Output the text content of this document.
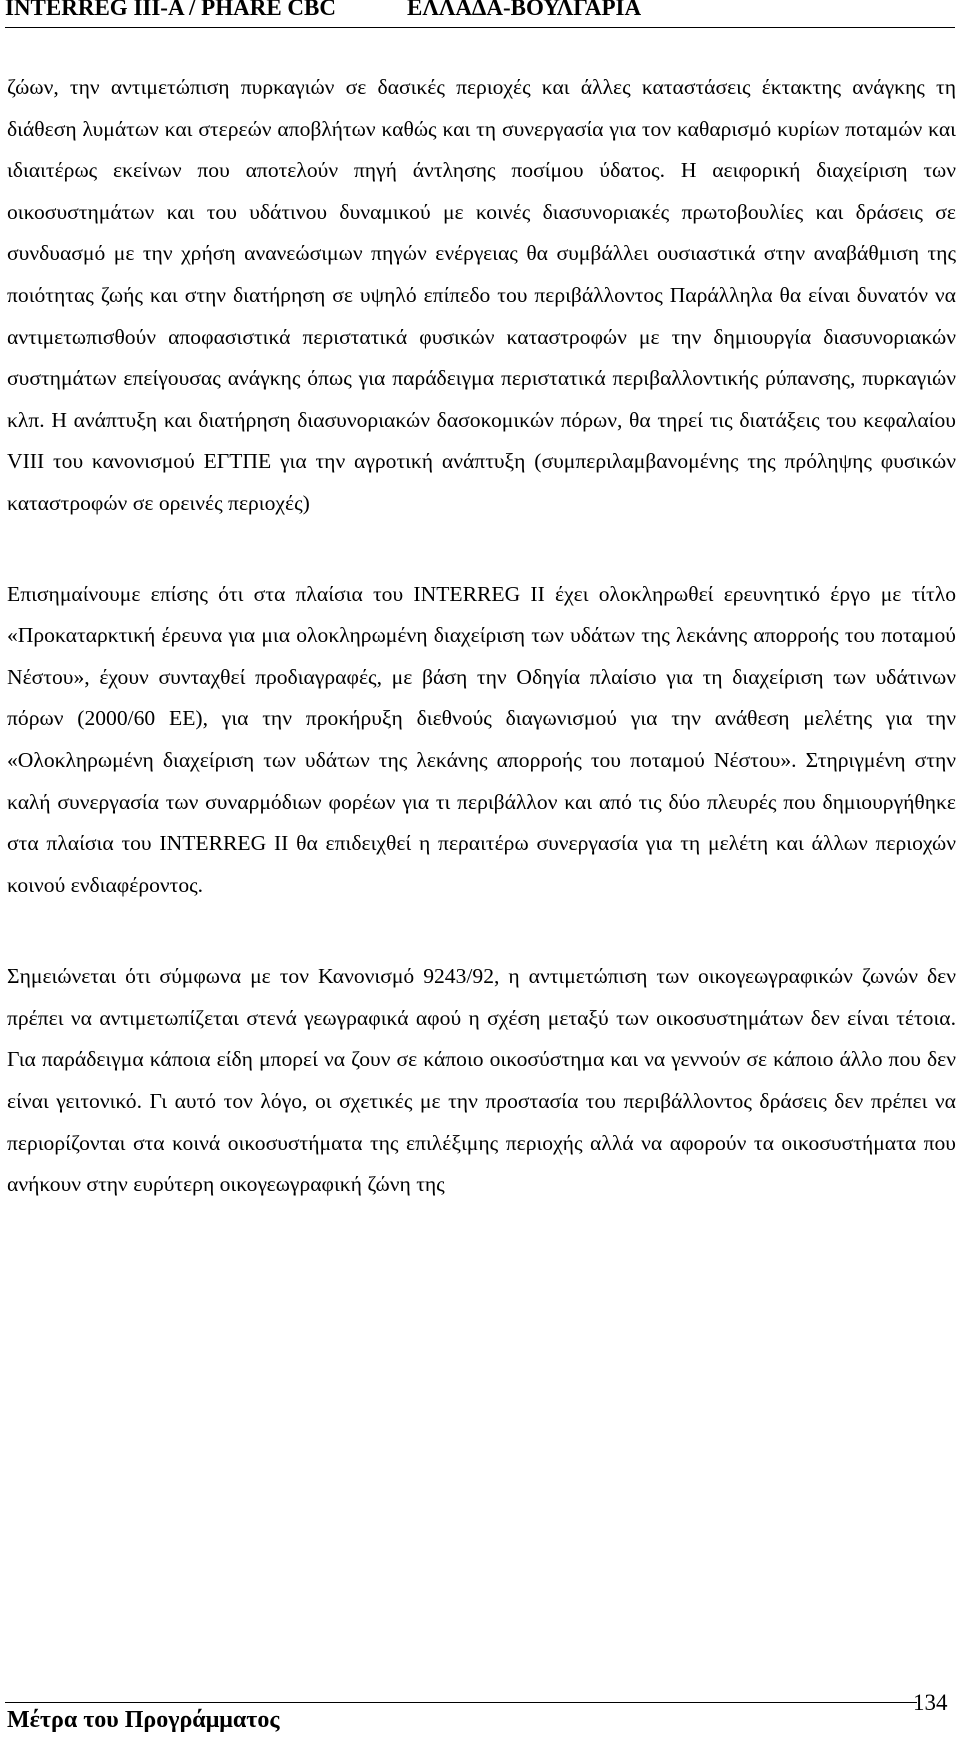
INTERREG III-A / PHARE CBC	ΕΛΛΑΔΑ-ΒΟΥΛΓΑΡΙΑ

ζώων, την αντιμετώπιση πυρκαγιών σε δασικές περιοχές και άλλες καταστάσεις έκτακτης ανάγκης τη διάθεση λυμάτων και στερεών αποβλήτων καθώς και τη συνεργασία για τον καθαρισμό κυρίων ποταμών και ιδιαιτέρως εκείνων που αποτελούν πηγή άντλησης ποσίμου ύδατος. Η αειφορική διαχείριση των οικοσυστημάτων και του υδάτινου δυναμικού με κοινές διασυνοριακές πρωτοβουλίες και δράσεις σε συνδυασμό με την χρήση ανανεώσιμων πηγών ενέργειας θα συμβάλλει ουσιαστικά στην αναβάθμιση της ποιότητας ζωής και στην διατήρηση σε υψηλό επίπεδο του περιβάλλοντος Παράλληλα θα είναι δυνατόν να αντιμετωπισθούν αποφασιστικά περιστατικά φυσικών καταστροφών με την δημιουργία διασυνοριακών συστημάτων επείγουσας ανάγκης όπως για παράδειγμα περιστατικά περιβαλλοντικής ρύπανσης, πυρκαγιών κλπ. Η ανάπτυξη και διατήρηση διασυνοριακών δασοκομικών πόρων, θα τηρεί τις διατάξεις του κεφαλαίου VIII του κανονισμού ΕΓΤΠΕ για την αγροτική ανάπτυξη (συμπεριλαμβανομένης της πρόληψης φυσικών καταστροφών σε ορεινές περιοχές)

Επισημαίνουμε επίσης ότι στα πλαίσια του INTERREG II έχει ολοκληρωθεί ερευνητικό έργο με τίτλο «Προκαταρκτική έρευνα για μια ολοκληρωμένη διαχείριση των υδάτων της λεκάνης απορροής του ποταμού Νέστου», έχουν συνταχθεί προδιαγραφές, με βάση την Οδηγία πλαίσιο για τη διαχείριση των υδάτινων πόρων (2000/60 ΕΕ), για την προκήρυξη διεθνούς διαγωνισμού για την ανάθεση μελέτης για την «Ολοκληρωμένη διαχείριση των υδάτων της λεκάνης απορροής του ποταμού Νέστου». Στηριγμένη στην καλή συνεργασία των συναρμόδιων φορέων για τι περιβάλλον και από τις δύο πλευρές που δημιουργήθηκε στα πλαίσια του INTERREG II θα επιδειχθεί η περαιτέρω συνεργασία για τη μελέτη και άλλων περιοχών κοινού ενδιαφέροντος.

Σημειώνεται ότι σύμφωνα με τον Κανονισμό 9243/92, η αντιμετώπιση των οικογεωγραφικών ζωνών δεν πρέπει να αντιμετωπίζεται στενά γεωγραφικά αφού η σχέση μεταξύ των οικοσυστημάτων δεν είναι τέτοια. Για παράδειγμα κάποια είδη μπορεί να ζουν σε κάποιο οικοσύστημα και να γεννούν σε κάποιο άλλο που δεν είναι γειτονικό. Γι αυτό τον λόγο, οι σχετικές με την προστασία του περιβάλλοντος δράσεις δεν πρέπει να περιορίζονται στα κοινά οικοσυστήματα της επιλέξιμης περιοχής αλλά να αφορούν τα οικοσυστήματα που ανήκουν στην ευρύτερη οικογεωγραφική ζώνη της

Μέτρα του Προγράμματος
134
